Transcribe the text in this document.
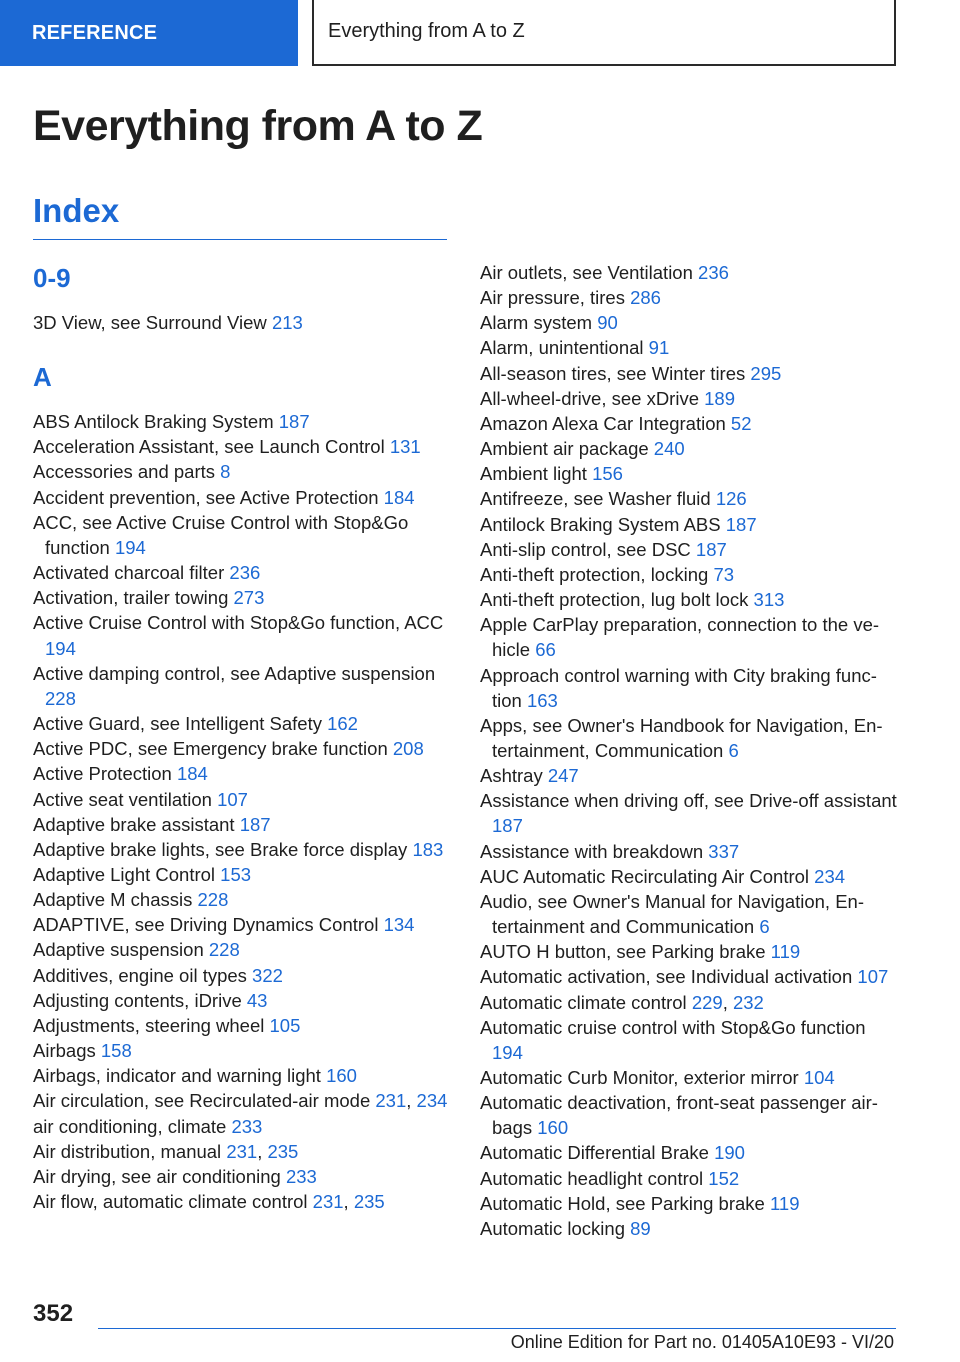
REFERENCE	Everything from A to Z
Everything from A to Z
Index
0-9
3D View, see Surround View 213
A
ABS Antilock Braking System 187
Acceleration Assistant, see Launch Control 131
Accessories and parts 8
Accident prevention, see Active Protection 184
ACC, see Active Cruise Control with Stop&Go function 194
Activated charcoal filter 236
Activation, trailer towing 273
Active Cruise Control with Stop&Go function, ACC 194
Active damping control, see Adaptive suspension 228
Active Guard, see Intelligent Safety 162
Active PDC, see Emergency brake function 208
Active Protection 184
Active seat ventilation 107
Adaptive brake assistant 187
Adaptive brake lights, see Brake force display 183
Adaptive Light Control 153
Adaptive M chassis 228
ADAPTIVE, see Driving Dynamics Control 134
Adaptive suspension 228
Additives, engine oil types 322
Adjusting contents, iDrive 43
Adjustments, steering wheel 105
Airbags 158
Airbags, indicator and warning light 160
Air circulation, see Recirculated-air mode 231, 234
air conditioning, climate 233
Air distribution, manual 231, 235
Air drying, see air conditioning 233
Air flow, automatic climate control 231, 235
Air outlets, see Ventilation 236
Air pressure, tires 286
Alarm system 90
Alarm, unintentional 91
All-season tires, see Winter tires 295
All-wheel-drive, see xDrive 189
Amazon Alexa Car Integration 52
Ambient air package 240
Ambient light 156
Antifreeze, see Washer fluid 126
Antilock Braking System ABS 187
Anti-slip control, see DSC 187
Anti-theft protection, locking 73
Anti-theft protection, lug bolt lock 313
Apple CarPlay preparation, connection to the vehicle 66
Approach control warning with City braking function 163
Apps, see Owner's Handbook for Navigation, Entertainment, Communication 6
Ashtray 247
Assistance when driving off, see Drive-off assistant 187
Assistance with breakdown 337
AUC Automatic Recirculating Air Control 234
Audio, see Owner's Manual for Navigation, Entertainment and Communication 6
AUTO H button, see Parking brake 119
Automatic activation, see Individual activation 107
Automatic climate control 229, 232
Automatic cruise control with Stop&Go function 194
Automatic Curb Monitor, exterior mirror 104
Automatic deactivation, front-seat passenger airbags 160
Automatic Differential Brake 190
Automatic headlight control 152
Automatic Hold, see Parking brake 119
Automatic locking 89
352
Online Edition for Part no. 01405A10E93 - VI/20
